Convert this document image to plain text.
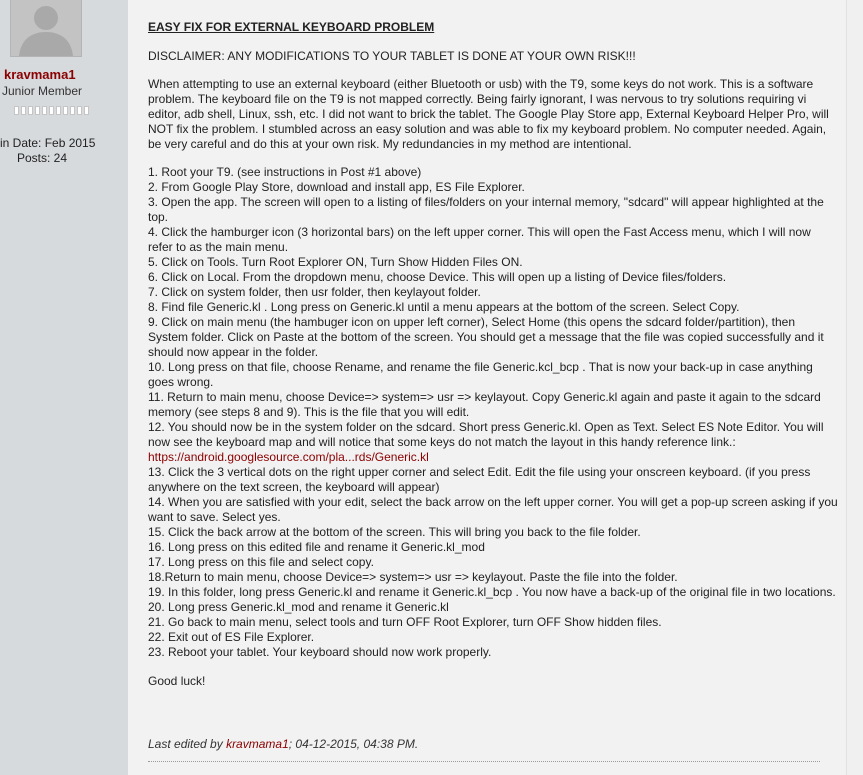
kravmama1
Junior Member
in Date: Feb 2015
Posts: 24

EASY FIX FOR EXTERNAL KEYBOARD PROBLEM

DISCLAIMER: ANY MODIFICATIONS TO YOUR TABLET IS DONE AT YOUR OWN RISK!!!

When attempting to use an external keyboard (either Bluetooth or usb) with the T9, some keys do not work. This is a software problem. The keyboard file on the T9 is not mapped correctly. Being fairly ignorant, I was nervous to try solutions requiring vi editor, adb shell, Linux, ssh, etc. I did not want to brick the tablet. The Google Play Store app, External Keyboard Helper Pro, will NOT fix the problem. I stumbled across an easy solution and was able to fix my keyboard problem. No computer needed. Again, be very careful and do this at your own risk. My redundancies in my method are intentional.

1. Root your T9. (see instructions in Post #1 above)

2. From Google Play Store, download and install app, ES File Explorer.

3. Open the app. The screen will open to a listing of files/folders on your internal memory, "sdcard" will appear highlighted at the top.

4. Click the hamburger icon (3 horizontal bars) on the left upper corner. This will open the Fast Access menu, which I will now refer to as the main menu.

5. Click on Tools. Turn Root Explorer ON, Turn Show Hidden Files ON.

6. Click on Local. From the dropdown menu, choose Device. This will open up a listing of Device files/folders.

7. Click on system folder, then usr folder, then keylayout folder.

8. Find file Generic.kl . Long press on Generic.kl until a menu appears at the bottom of the screen. Select Copy.

9. Click on main menu (the hambuger icon on upper left corner), Select Home (this opens the sdcard folder/partition), then System folder. Click on Paste at the bottom of the screen. You should get a message that the file was copied successfully and it should now appear in the folder.

10. Long press on that file, choose Rename, and rename the file Generic.kcl_bcp . That is now your back-up in case anything goes wrong.

11. Return to main menu, choose Device=> system=> usr => keylayout. Copy Generic.kl again and paste it again to the sdcard memory (see steps 8 and 9). This is the file that you will edit.

12. You should now be in the system folder on the sdcard. Short press Generic.kl. Open as Text. Select ES Note Editor. You will now see the keyboard map and will notice that some keys do not match the layout in this handy reference link.:

https://android.googlesource.com/pla...rds/Generic.kl

13. Click the 3 vertical dots on the right upper corner and select Edit. Edit the file using your onscreen keyboard. (if you press anywhere on the text screen, the keyboard will appear)

14. When you are satisfied with your edit, select the back arrow on the left upper corner. You will get a pop-up screen asking if you want to save. Select yes.

15. Click the back arrow at the bottom of the screen. This will bring you back to the file folder.

16. Long press on this edited file and rename it Generic.kl_mod

17. Long press on this file and select copy.

18.Return to main menu, choose Device=> system=> usr => keylayout. Paste the file into the folder.

19. In this folder, long press Generic.kl and rename it Generic.kl_bcp . You now have a back-up of the original file in two locations.

20. Long press Generic.kl_mod and rename it Generic.kl

21. Go back to main menu, select tools and turn OFF Root Explorer, turn OFF Show hidden files.

22. Exit out of ES File Explorer.

23. Reboot your tablet. Your keyboard should now work properly.

Good luck!

Last edited by kravmama1; 04-12-2015, 04:38 PM.
